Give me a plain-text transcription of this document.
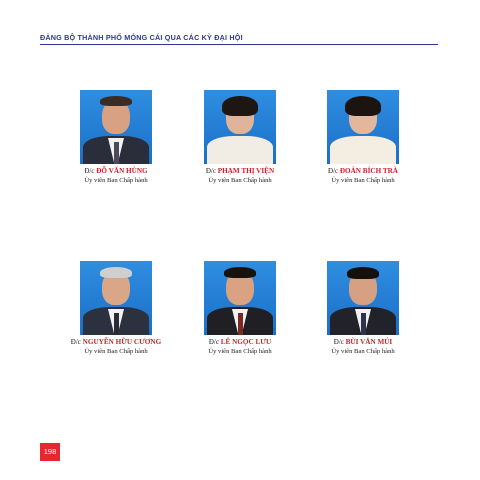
ĐẢNG BỘ THÀNH PHỐ MÓNG CÁI QUA CÁC KỲ ĐẠI HỘI
Đ/c ĐỖ VĂN HÙNG
Ủy viên Ban Chấp hành
Đ/c PHẠM THỊ VIỆN
Ủy viên Ban Chấp hành
Đ/c ĐOÀN BÍCH TRÀ
Ủy viên Ban Chấp hành
Đ/c NGUYỄN HỮU CƯƠNG
Ủy viên Ban Chấp hành
Đ/c LÊ NGỌC LƯU
Ủy viên Ban Chấp hành
Đ/c BÙI VĂN MÚI
Ủy viên Ban Chấp hành
198
